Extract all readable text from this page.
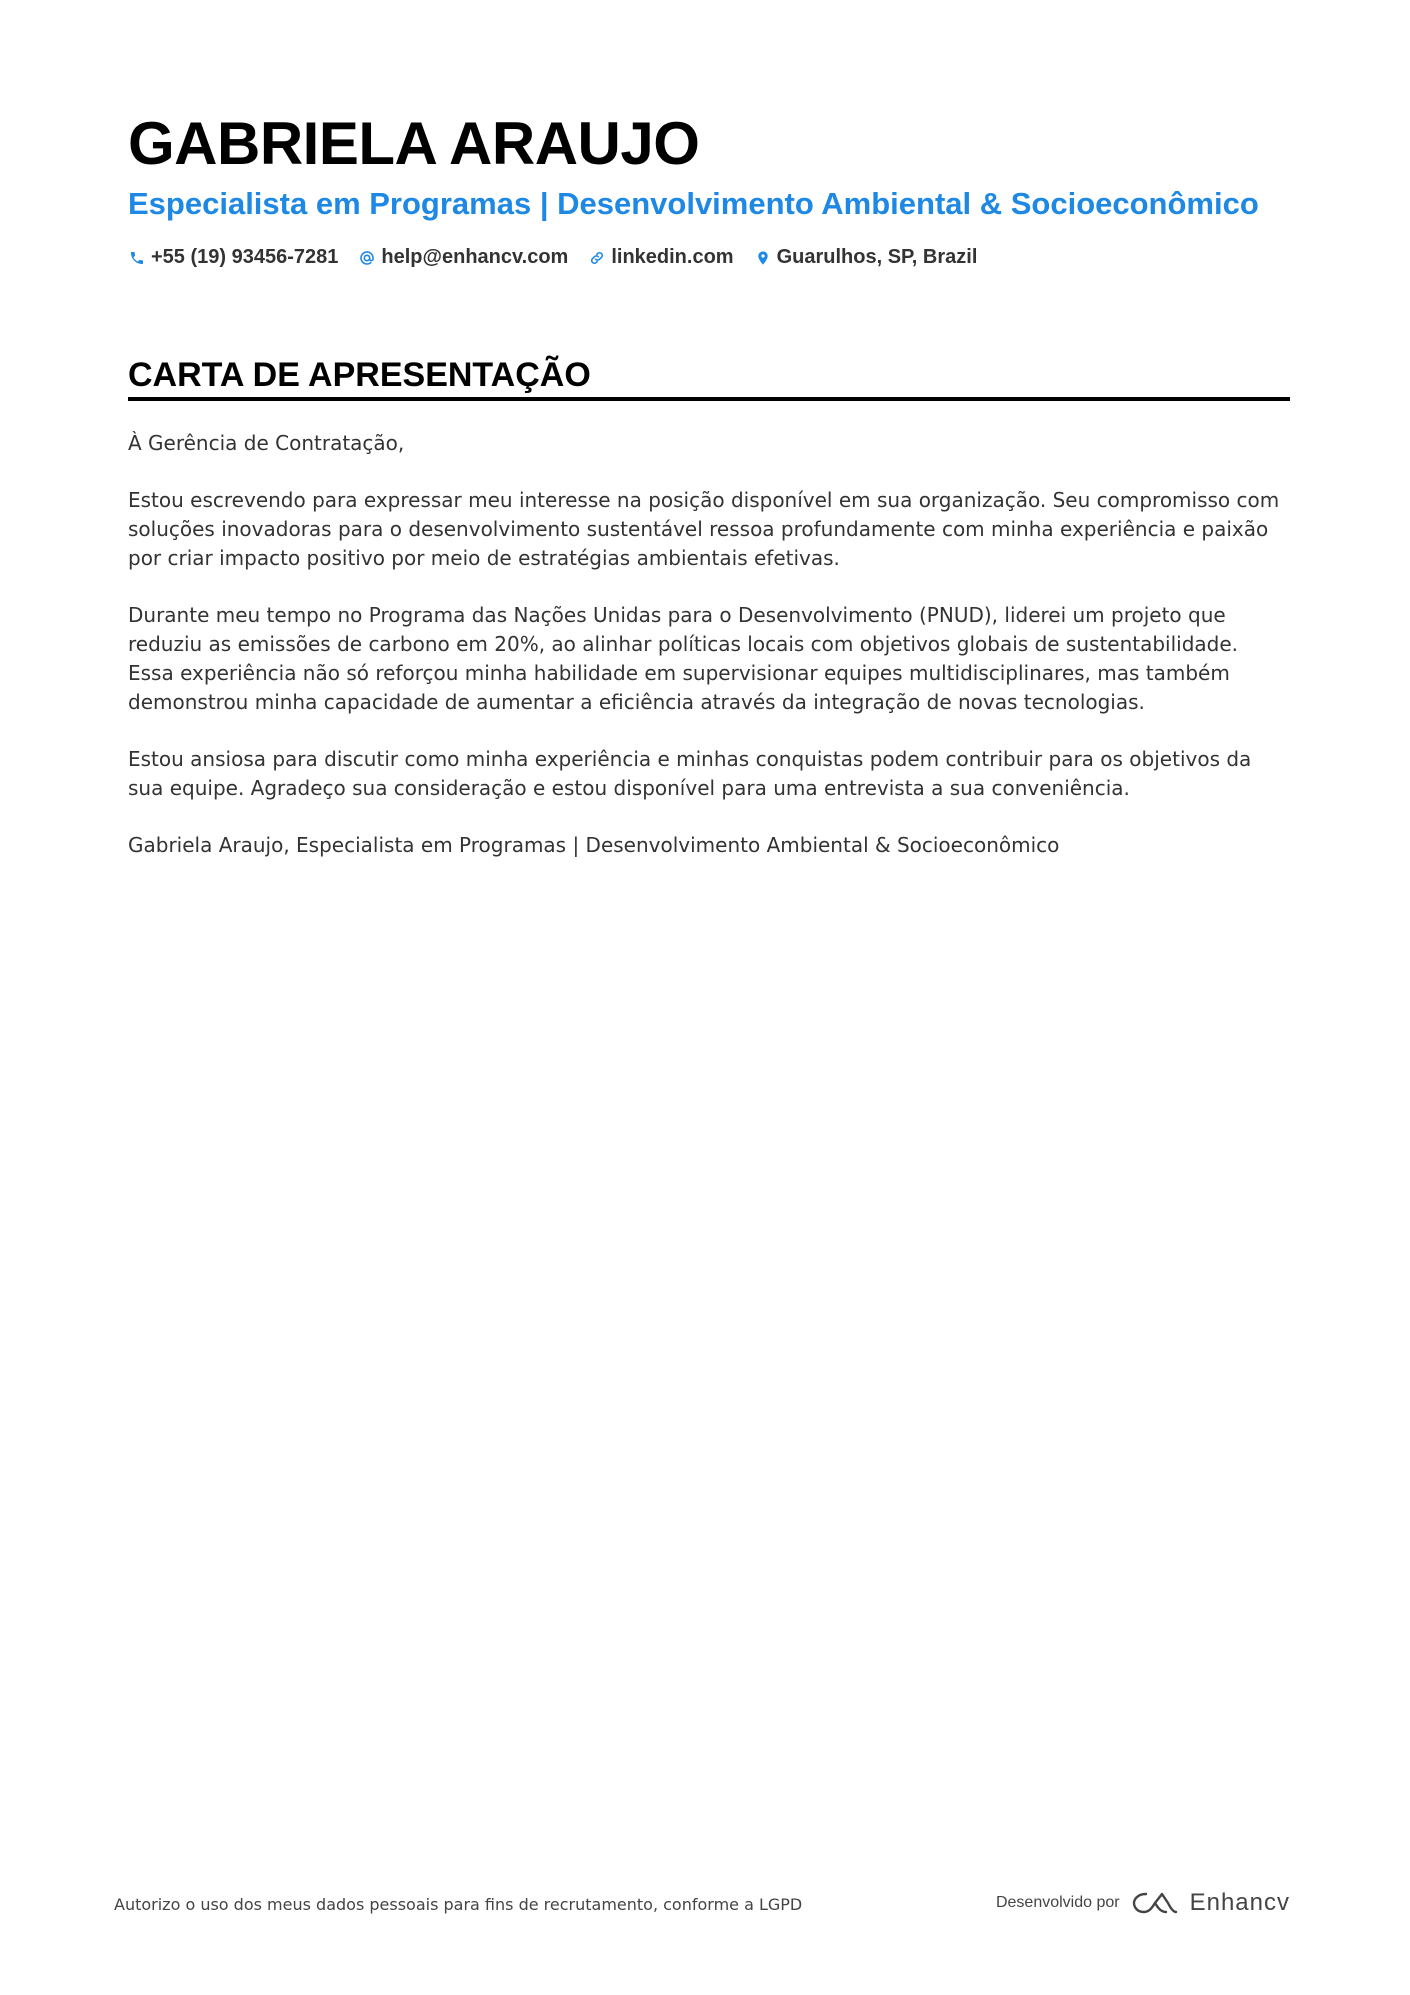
GABRIELA ARAUJO
Especialista em Programas | Desenvolvimento Ambiental & Socioeconômico
+55 (19) 93456-7281 help@enhancv.com linkedin.com Guarulhos, SP, Brazil
CARTA DE APRESENTAÇÃO

À Gerência de Contratação,

Estou escrevendo para expressar meu interesse na posição disponível em sua organização. Seu compromisso com soluções inovadoras para o desenvolvimento sustentável ressoa profundamente com minha experiência e paixão por criar impacto positivo por meio de estratégias ambientais efetivas.

Durante meu tempo no Programa das Nações Unidas para o Desenvolvimento (PNUD), liderei um projeto que reduziu as emissões de carbono em 20%, ao alinhar políticas locais com objetivos globais de sustentabilidade. Essa experiência não só reforçou minha habilidade em supervisionar equipes multidisciplinares, mas também demonstrou minha capacidade de aumentar a eficiência através da integração de novas tecnologias.

Estou ansiosa para discutir como minha experiência e minhas conquistas podem contribuir para os objetivos da sua equipe. Agradeço sua consideração e estou disponível para uma entrevista a sua conveniência.

Gabriela Araujo, Especialista em Programas | Desenvolvimento Ambiental & Socioeconômico

Autorizo o uso dos meus dados pessoais para fins de recrutamento, conforme a LGPD	Desenvolvido por	Enhancv
